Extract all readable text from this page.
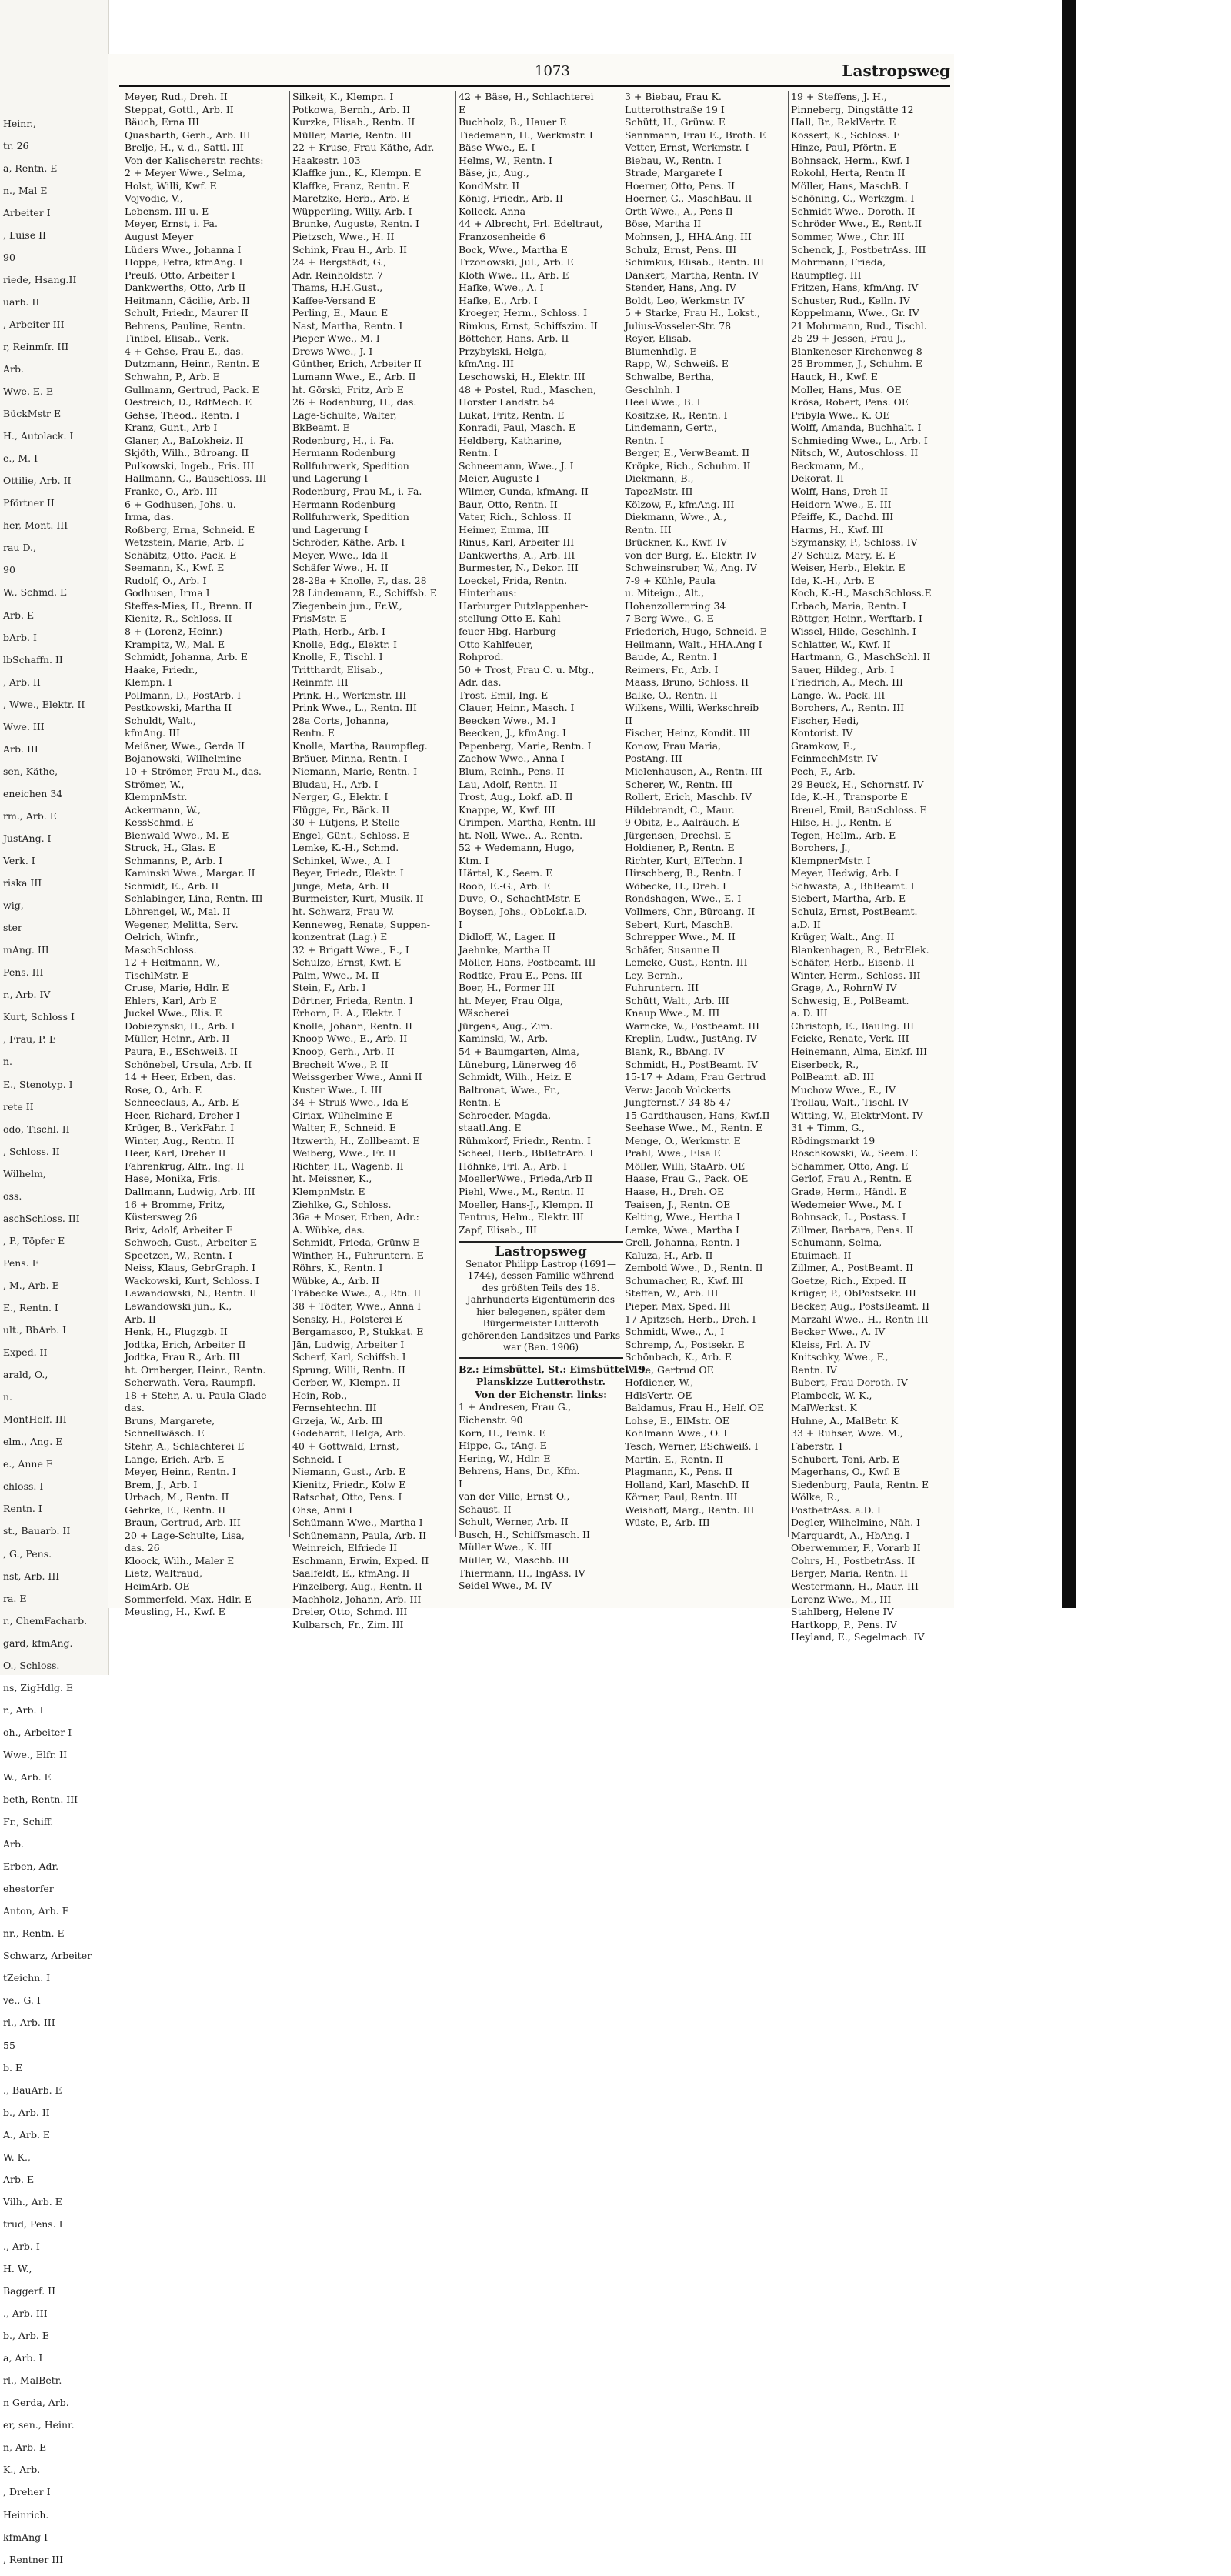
Heinr.,

tr. 26

a, Rentn. E

n., Mal E

Arbeiter I

, Luise II

90

riede, Hsang.II

uarb. II

, Arbeiter III

r, Reinmfr. III

Arb.

Wwe. E. E

BückMstr E

H., Autolack. I

e., M. I

Ottilie, Arb. II

Pförtner II

her, Mont. III

rau D.,

90

W., Schmd. E

Arb. E

bArb. I

lbSchaffn. II

, Arb. II

, Wwe., Elektr. II

Wwe. III

Arb. III

sen, Käthe,

eneichen 34

rm., Arb. E

JustAng. I

Verk. I

riska III

wig,

ster

mAng. III

Pens. III

r., Arb. IV

Kurt, Schloss I

, Frau, P. E

n.

E., Stenotyp. I

rete II

odo, Tischl. II

, Schloss. II

Wilhelm,

oss.

aschSchloss. III

, P., Töpfer E

Pens. E

, M., Arb. E

E., Rentn. I

ult., BbArb. I

Exped. II

arald, O.,

n.

MontHelf. III

elm., Ang. E

e., Anne E

chloss. I

Rentn. I

st., Bauarb. II

, G., Pens.

nst, Arb. III

ra. E

r., ChemFacharb.

gard, kfmAng.

O., Schloss.

ns, ZigHdlg. E

r., Arb. I

oh., Arbeiter I

Wwe., Elfr. II

W., Arb. E

beth, Rentn. III

Fr., Schiff.

Arb.

Erben, Adr.

ehestorfer

Anton, Arb. E

nr., Rentn. E

Schwarz, Arbeiter

tZeichn. I

ve., G. I

rl., Arb. III

55

b. E

., BauArb. E

b., Arb. II

A., Arb. E

W. K.,

Arb. E

Vilh., Arb. E

trud, Pens. I

., Arb. I

H. W.,

Baggerf. II

., Arb. III

b., Arb. E

a, Arb. I

rl., MalBetr.

n Gerda, Arb.

er, sen., Heinr.

n, Arb. E

K., Arb.

, Dreher I

Heinrich.

kfmAng I

, Rentner III

1073	Lastropsweg

Meyer, Rud., Dreh. II

Steppat, Gottl., Arb. II

Bäuch, Erna III

Quasbarth, Gerh., Arb. III

Brelje, H., v. d., Sattl. III

Von der Kalischerstr. rechts:

2 + Meyer Wwe., Selma,

Holst, Willi, Kwf. E

Vojvodic, V.,

Lebensm. III u. E

Meyer, Ernst, i. Fa.

August Meyer

Lüders Wwe., Johanna I

Hoppe, Petra, kfmAng. I

Preuß, Otto, Arbeiter I

Dankwerths, Otto, Arb II

Heitmann, Cäcilie, Arb. II

Schult, Friedr., Maurer II

Behrens, Pauline, Rentn.

Tinibel, Elisab., Verk.

4 + Gehse, Frau E., das.

Dutzmann, Heinr., Rentn. E

Schwahn, P., Arb. E

Gullmann, Gertrud, Pack. E

Oestreich, D., RdfMech. E

Gehse, Theod., Rentn. I

Kranz, Gunt., Arb I

Glaner, A., BaLokheiz. II

Skjöth, Wilh., Büroang. II

Pulkowski, Ingeb., Fris. III

Hallmann, G., Bauschloss. III

Franke, O., Arb. III

6 + Godhusen, Johs. u.

Irma, das.

Roßberg, Erna, Schneid. E

Wetzstein, Marie, Arb. E

Schäbitz, Otto, Pack. E

Seemann, K., Kwf. E

Rudolf, O., Arb. I

Godhusen, Irma I

Steffes-Mies, H., Brenn. II

Kienitz, R., Schloss. II

8 + (Lorenz, Heinr.)

Krampitz, W., Mal. E

Schmidt, Johanna, Arb. E

Haake, Friedr.,

Klempn. I

Pollmann, D., PostArb. I

Pestkowski, Martha II

Schuldt, Walt.,

kfmAng. III

Meißner, Wwe., Gerda II

Bojanowski, Wilhelmine

10 + Strömer, Frau M., das.

Strömer, W.,

KlempnMstr.

Ackermann, W.,

KessSchmd. E

Bienwald Wwe., M. E

Struck, H., Glas. E

Schmanns, P., Arb. I

Kaminski Wwe., Margar. II

Schmidt, E., Arb. II

Schlabinger, Lina, Rentn. III

Löhrengel, W., Mal. II

Wegener, Melitta, Serv.

Oelrich, Winfr.,

MaschSchloss.

12 + Heitmann, W.,

TischlMstr. E

Cruse, Marie, Hdlr. E

Ehlers, Karl, Arb E

Juckel Wwe., Elis. E

Dobiezynski, H., Arb. I

Müller, Heinr., Arb. II

Paura, E., ESchweiß. II

Schönebel, Ursula, Arb. II

14 + Heer, Erben, das.

Rose, O., Arb. E

Schneeclaus, A., Arb. E

Heer, Richard, Dreher I

Krüger, B., VerkFahr. I

Winter, Aug., Rentn. II

Heer, Karl, Dreher II

Fahrenkrug, Alfr., Ing. II

Hase, Monika, Fris.

Dallmann, Ludwig, Arb. III

16 + Bromme, Fritz,

Küstersweg 26

Brix, Adolf, Arbeiter E

Schwoch, Gust., Arbeiter E

Speetzen, W., Rentn. I

Neiss, Klaus, GebrGraph. I

Wackowski, Kurt, Schloss. I

Lewandowski, N., Rentn. II

Lewandowski jun., K.,

Arb. II

Henk, H., Flugzgb. II

Jodtka, Erich, Arbeiter II

Jodtka, Frau R., Arb. III

ht. Ornberger, Heinr., Rentn.

Scherwath, Vera, Raumpfl.

18 + Stehr, A. u. Paula Glade

das.

Bruns, Margarete,

Schnellwäsch. E

Stehr, A., Schlachterei E

Lange, Erich, Arb. E

Meyer, Heinr., Rentn. I

Brem, J., Arb. I

Urbach, M., Rentn. II

Gehrke, E., Rentn. II

Braun, Gertrud, Arb. III

20 + Lage-Schulte, Lisa,

das. 26

Kloock, Wilh., Maler E

Lietz, Waltraud,

HeimArb. OE

Sommerfeld, Max, Hdlr. E

Meusling, H., Kwf. E

Silkeit, K., Klempn. I

Potkowa, Bernh., Arb. II

Kurzke, Elisab., Rentn. II

Müller, Marie, Rentn. III

22 + Kruse, Frau Käthe, Adr.

Haakestr. 103

Klaffke jun., K., Klempn. E

Klaffke, Franz, Rentn. E

Maretzke, Herb., Arb. E

Wüpperling, Willy, Arb. I

Brunke, Auguste, Rentn. I

Pietzsch, Wwe., H. II

Schink, Frau H., Arb. II

24 + Bergstädt, G.,

Adr. Reinholdstr. 7

Thams, H.H.Gust.,

Kaffee-Versand E

Perling, E., Maur. E

Nast, Martha, Rentn. I

Pieper Wwe., M. I

Drews Wwe., J. I

Günther, Erich, Arbeiter II

Lumann Wwe., E., Arb. II

ht. Görski, Fritz, Arb E

26 + Rodenburg, H., das.

Lage-Schulte, Walter,

BkBeamt. E

Rodenburg, H., i. Fa.

Hermann Rodenburg

Rollfuhrwerk, Spedition

und Lagerung I

Rodenburg, Frau M., i. Fa.

Hermann Rodenburg

Rollfuhrwerk, Spedition

und Lagerung I

Schröder, Käthe, Arb. I

Meyer, Wwe., Ida II

Schäfer Wwe., H. II

28-28a + Knolle, F., das. 28

28 Lindemann, E., Schiffsb. E

Ziegenbein jun., Fr.W.,

FrisMstr. E

Plath, Herb., Arb. I

Knolle, Edg., Elektr. I

Knolle, F., Tischl. I

Tritthardt, Elisab.,

Reinmfr. III

Prink, H., Werkmstr. III

Prink Wwe., L., Rentn. III

28a Corts, Johanna,

Rentn. E

Knolle, Martha, Raumpfleg.

Bräuer, Minna, Rentn. I

Niemann, Marie, Rentn. I

Bludau, H., Arb. I

Nerger, G., Elektr. I

Flügge, Fr., Bäck. II

30 + Lütjens, P. Stelle

Engel, Günt., Schloss. E

Lemke, K.-H., Schmd.

Schinkel, Wwe., A. I

Beyer, Friedr., Elektr. I

Junge, Meta, Arb. II

Burmeister, Kurt, Musik. II

ht. Schwarz, Frau W.

Kenneweg, Renate, Suppen-

konzentrat (Lag.) E

32 + Brigatt Wwe., E., I

Schulze, Ernst, Kwf. E

Palm, Wwe., M. II

Stein, F., Arb. I

Dörtner, Frieda, Rentn. I

Erhorn, E. A., Elektr. I

Knolle, Johann, Rentn. II

Knoop Wwe., E., Arb. II

Knoop, Gerh., Arb. II

Brecheit Wwe., P. II

Weissgerber Wwe., Anni II

Kuster Wwe., I. III

34 + Struß Wwe., Ida E

Ciriax, Wilhelmine E

Walter, F., Schneid. E

Itzwerth, H., Zollbeamt. E

Weiberg, Wwe., Fr. II

Richter, H., Wagenb. II

ht. Meissner, K.,

KlempnMstr. E

Ziehlke, G., Schloss.

36a + Moser, Erben, Adr.:

A. Wübke, das.

Schmidt, Frieda, Grünw E

Winther, H., Fuhruntern. E

Röhrs, K., Rentn. I

Wübke, A., Arb. II

Träbecke Wwe., A., Rtn. II

38 + Tödter, Wwe., Anna I

Sensky, H., Polsterei E

Bergamasco, P., Stukkat. E

Jän, Ludwig, Arbeiter I

Scherf, Karl, Schiffsb. I

Sprung, Willi, Rentn. II

Gerber, W., Klempn. II

Hein, Rob.,

Fernsehtechn. III

Grzeja, W., Arb. III

Godehardt, Helga, Arb.

40 + Gottwald, Ernst,

Schneid. I

Niemann, Gust., Arb. E

Kienitz, Friedr., Kolw E

Ratschat, Otto, Pens. I

Ohse, Anni I

Schümann Wwe., Martha I

Schünemann, Paula, Arb. II

Weinreich, Elfriede II

Eschmann, Erwin, Exped. II

Saalfeldt, E., kfmAng. II

Finzelberg, Aug., Rentn. II

Machholz, Johann, Arb. III

Dreier, Otto, Schmd. III

Kulbarsch, Fr., Zim. III

42 + Bäse, H., Schlachterei

E

Buchholz, B., Hauer E

Tiedemann, H., Werkmstr. I

Bäse Wwe., E. I

Helms, W., Rentn. I

Bäse, jr., Aug.,

KondMstr. II

König, Friedr., Arb. II

Kolleck, Anna

44 + Albrecht, Frl. Edeltraut,

Franzosenheide 6

Bock, Wwe., Martha E

Trzonowski, Jul., Arb. E

Kloth Wwe., H., Arb. E

Hafke, Wwe., A. I

Hafke, E., Arb. I

Kroeger, Herm., Schloss. I

Rimkus, Ernst, Schiffszim. II

Böttcher, Hans, Arb. II

Przybylski, Helga,

kfmAng. III

Leschowski, H., Elektr. III

48 + Postel, Rud., Maschen,

Horster Landstr. 54

Lukat, Fritz, Rentn. E

Konradi, Paul, Masch. E

Heldberg, Katharine,

Rentn. I

Schneemann, Wwe., J. I

Meier, Auguste I

Wilmer, Gunda, kfmAng. II

Baur, Otto, Rentn. II

Vater, Rich., Schloss. II

Heimer, Emma, III

Rinus, Karl, Arbeiter III

Dankwerths, A., Arb. III

Burmester, N., Dekor. III

Loeckel, Frida, Rentn.

Hinterhaus:

Harburger Putzlappenher-

stellung Otto E. Kahl-

feuer Hbg.-Harburg

Otto Kahlfeuer,

Rohprod.

50 + Trost, Frau C. u. Mtg.,

Adr. das.

Trost, Emil, Ing. E

Clauer, Heinr., Masch. I

Beecken Wwe., M. I

Beecken, J., kfmAng. I

Papenberg, Marie, Rentn. I

Zachow Wwe., Anna I

Blum, Reinh., Pens. II

Lau, Adolf, Rentn. II

Trost, Aug., Lokf. aD. II

Knappe, W., Kwf. III

Grimpen, Martha, Rentn. III

ht. Noll, Wwe., A., Rentn.

52 + Wedemann, Hugo,

Ktm. I

Härtel, K., Seem. E

Roob, E.-G., Arb. E

Duve, O., SchachtMstr. E

Boysen, Johs., ObLokf.a.D.

I

Didloff, W., Lager. II

Jaehnke, Martha II

Möller, Hans, Postbeamt. III

Rodtke, Frau E., Pens. III

Boer, H., Former III

ht. Meyer, Frau Olga,

Wäscherei

Jürgens, Aug., Zim.

Kaminski, W., Arb.

54 + Baumgarten, Alma,

Lüneburg, Lünerweg 46

Schmidt, Wilh., Heiz. E

Baltronat, Wwe., Fr.,

Rentn. E

Schroeder, Magda,

staatl.Ang. E

Rühmkorf, Friedr., Rentn. I

Scheel, Herb., BbBetrArb. I

Höhnke, Frl. A., Arb. I

MoellerWwe., Frieda,Arb II

Piehl, Wwe., M., Rentn. II

Moeller, Hans-J., Klempn. II

Tentrus, Helm., Elektr. III

Zapf, Elisab., III

Lastropsweg
Senator Philipp Lastrop (1691—1744), dessen Familie während des größten Teils des 18. Jahrhunderts Eigentümerin des hier belegenen, später dem Bürgermeister Lutteroth gehörenden Landsitzes und Parks war (Ben. 1906)

Bz.: Eimsbüttel, St.: Eimsbüttel 19

Planskizze Lutterothstr.

Von der Eichenstr. links:

1 + Andresen, Frau G.,

Eichenstr. 90

Korn, H., Feink. E

Hippe, G., tAng. E

Hering, W., Hdlr. E

Behrens, Hans, Dr., Kfm.

I

van der Ville, Ernst-O.,

Schaust. II

Schult, Werner, Arb. II

Busch, H., Schiffsmasch. II

Müller Wwe., K. III

Müller, W., Maschb. III

Thiermann, H., IngAss. IV

Seidel Wwe., M. IV

3 + Biebau, Frau K.

Lutterothstraße 19 I

Schütt, H., Grünw. E

Sannmann, Frau E., Broth. E

Vetter, Ernst, Werkmstr. I

Biebau, W., Rentn. I

Strade, Margarete I

Hoerner, Otto, Pens. II

Hoerner, G., MaschBau. II

Orth Wwe., A., Pens II

Böse, Martha II

Mohnsen, J., HHA.Ang. III

Schulz, Ernst, Pens. III

Schimkus, Elisab., Rentn. III

Dankert, Martha, Rentn. IV

Stender, Hans, Ang. IV

Boldt, Leo, Werkmstr. IV

5 + Starke, Frau H., Lokst.,

Julius-Vosseler-Str. 78

Reyer, Elisab.

Blumenhdlg. E

Rapp, W., Schweiß. E

Schwalbe, Bertha,

Geschlnh. I

Heel Wwe., B. I

Kositzke, R., Rentn. I

Lindemann, Gertr.,

Rentn. I

Berger, E., VerwBeamt. II

Kröpke, Rich., Schuhm. II

Diekmann, B.,

TapezMstr. III

Kölzow, F., kfmAng. III

Diekmann, Wwe., A.,

Rentn. III

Brückner, K., Kwf. IV

von der Burg, E., Elektr. IV

Schweinsruber, W., Ang. IV

7-9 + Kühle, Paula

u. Miteign., Alt.,

Hohenzollernring 34

7 Berg Wwe., G. E

Friederich, Hugo, Schneid. E

Heilmann, Walt., HHA.Ang I

Baude, A., Rentn. I

Reimers, Fr., Arb. I

Maass, Bruno, Schloss. II

Balke, O., Rentn. II

Wilkens, Willi, Werkschreib

II

Fischer, Heinz, Kondit. III

Konow, Frau Maria,

PostAng. III

Mielenhausen, A., Rentn. III

Scherer, W., Rentn. III

Rollert, Erich, Maschb. IV

Hildebrandt, C., Maur.

9 Obitz, E., Aalräuch. E

Jürgensen, Drechsl. E

Holdiener, P., Rentn. E

Richter, Kurt, ElTechn. I

Hirschberg, B., Rentn. I

Wöbecke, H., Dreh. I

Rondshagen, Wwe., E. I

Vollmers, Chr., Büroang. II

Sebert, Kurt, MaschB.

Schrepper Wwe., M. II

Schäfer, Susanne II

Lemcke, Gust., Rentn. III

Ley, Bernh.,

Fuhruntern. III

Schütt, Walt., Arb. III

Knaup Wwe., M. III

Warncke, W., Postbeamt. III

Kreplin, Ludw., JustAng. IV

Blank, R., BbAng. IV

Schmidt, H., PostBeamt. IV

15-17 + Adam, Frau Gertrud

Verw: Jacob Volckerts

Jungfernst.7 34 85 47

15 Gardthausen, Hans, Kwf.II

Seehase Wwe., M., Rentn. E

Menge, O., Werkmstr. E

Prahl, Wwe., Elsa E

Möller, Willi, StaArb. OE

Haase, Frau G., Pack. OE

Haase, H., Dreh. OE

Teaisen, J., Rentn. OE

Kelting, Wwe., Hertha I

Lemke, Wwe., Martha I

Grell, Johanna, Rentn. I

Kaluza, H., Arb. II

Zembold Wwe., D., Rentn. II

Schumacher, R., Kwf. III

Steffen, W., Arb. III

Pieper, Max, Sped. III

17 Apitzsch, Herb., Dreh. I

Schmidt, Wwe., A., I

Schremp, A., Postsekr. E

Schönbach, K., Arb. E

Witte, Gertrud OE

Hofdiener, W.,

HdlsVertr. OE

Baldamus, Frau H., Helf. OE

Lohse, E., ElMstr. OE

Kohlmann Wwe., O. I

Tesch, Werner, ESchweiß. I

Martin, E., Rentn. II

Plagmann, K., Pens. II

Holland, Karl, MaschD. II

Körner, Paul, Rentn. III

Weishoff, Marg., Rentn. III

Wüste, P., Arb. III

19 + Steffens, J. H.,

Pinneberg, Dingstätte 12

Hall, Br., ReklVertr. E

Kossert, K., Schloss. E

Hinze, Paul, Pförtn. E

Bohnsack, Herm., Kwf. I

Rokohl, Herta, Rentn II

Möller, Hans, MaschB. I

Schöning, C., Werkzgm. I

Schmidt Wwe., Doroth. II

Schröder Wwe., E., Rent.II

Sommer, Wwe., Chr. III

Schenck, J., PostbetrAss. III

Mohrmann, Frieda,

Raumpfleg. III

Fritzen, Hans, kfmAng. IV

Schuster, Rud., Kelln. IV

Koppelmann, Wwe., Gr. IV

21 Mohrmann, Rud., Tischl.

25-29 + Jessen, Frau J.,

Blankeneser Kirchenweg 8

25 Brommer, J., Schuhm. E

Hauck, H., Kwf. E

Moller, Hans, Mus. OE

Krösa, Robert, Pens. OE

Pribyla Wwe., K. OE

Wolff, Amanda, Buchhalt. I

Schmieding Wwe., L., Arb. I

Nitsch, W., Autoschloss. II

Beckmann, M.,

Dekorat. II

Wolff, Hans, Dreh II

Heidorn Wwe., E. III

Pfeiffe, K., Dachd. III

Harms, H., Kwf. III

Szymansky, P., Schloss. IV

27 Schulz, Mary, E. E

Weiser, Herb., Elektr. E

Ide, K.-H., Arb. E

Koch, K.-H., MaschSchloss.E

Erbach, Maria, Rentn. I

Röttger, Heinr., Werftarb. I

Wissel, Hilde, Geschlnh. I

Schlatter, W., Kwf. II

Hartmann, G., MaschSchl. II

Sauer, Hildeg., Arb. I

Friedrich, A., Mech. III

Lange, W., Pack. III

Borchers, A., Rentn. III

Fischer, Hedi,

Kontorist. IV

Gramkow, E.,

FeinmechMstr. IV

Pech, F., Arb.

29 Beuck, H., Schornstf. IV

Ide, K.-H., Transporte E

Breuel, Emil, BauSchloss. E

Hilse, H.-J., Rentn. E

Tegen, Hellm., Arb. E

Borchers, J.,

KlempnerMstr. I

Meyer, Hedwig, Arb. I

Schwasta, A., BbBeamt. I

Siebert, Martha, Arb. E

Schulz, Ernst, PostBeamt.

a.D. II

Krüger, Walt., Ang. II

Blankenhagen, R., BetrElek.

Schäfer, Herb., Eisenb. II

Winter, Herm., Schloss. III

Grage, A., RohrnW IV

Schwesig, E., PolBeamt.

a. D. III

Christoph, E., BauIng. III

Feicke, Renate, Verk. III

Heinemann, Alma, Einkf. III

Eiserbeck, R.,

PolBeamt. aD. III

Muchow Wwe., E., IV

Trollau, Walt., Tischl. IV

Witting, W., ElektrMont. IV

31 + Timm, G.,

Rödingsmarkt 19

Roschkowski, W., Seem. E

Schammer, Otto, Ang. E

Gerlof, Frau A., Rentn. E

Grade, Herm., Händl. E

Wedemeier Wwe., M. I

Bohnsack, L., Postass. I

Zillmer, Barbara, Pens. II

Schumann, Selma,

Etuimach. II

Zillmer, A., PostBeamt. II

Goetze, Rich., Exped. II

Krüger, P., ObPostsekr. III

Becker, Aug., PostsBeamt. II

Marzahl Wwe., H., Rentn III

Becker Wwe., A. IV

Kleiss, Frl. A. IV

Knitschky, Wwe., F.,

Rentn. IV

Bubert, Frau Doroth. IV

Plambeck, W. K.,

MalWerkst. K

Huhne, A., MalBetr. K

33 + Ruhser, Wwe. M.,

Faberstr. 1

Schubert, Toni, Arb. E

Magerhans, O., Kwf. E

Siedenburg, Paula, Rentn. E

Wölke, R.,

PostbetrAss. a.D. I

Degler, Wilhelmine, Näh. I

Marquardt, A., HbAng. I

Oberwemmer, F., Vorarb II

Cohrs, H., PostbetrAss. II

Berger, Maria, Rentn. II

Westermann, H., Maur. III

Lorenz Wwe., M., III

Stahlberg, Helene IV

Hartkopp, P., Pens. IV

Heyland, E., Segelmach. IV
